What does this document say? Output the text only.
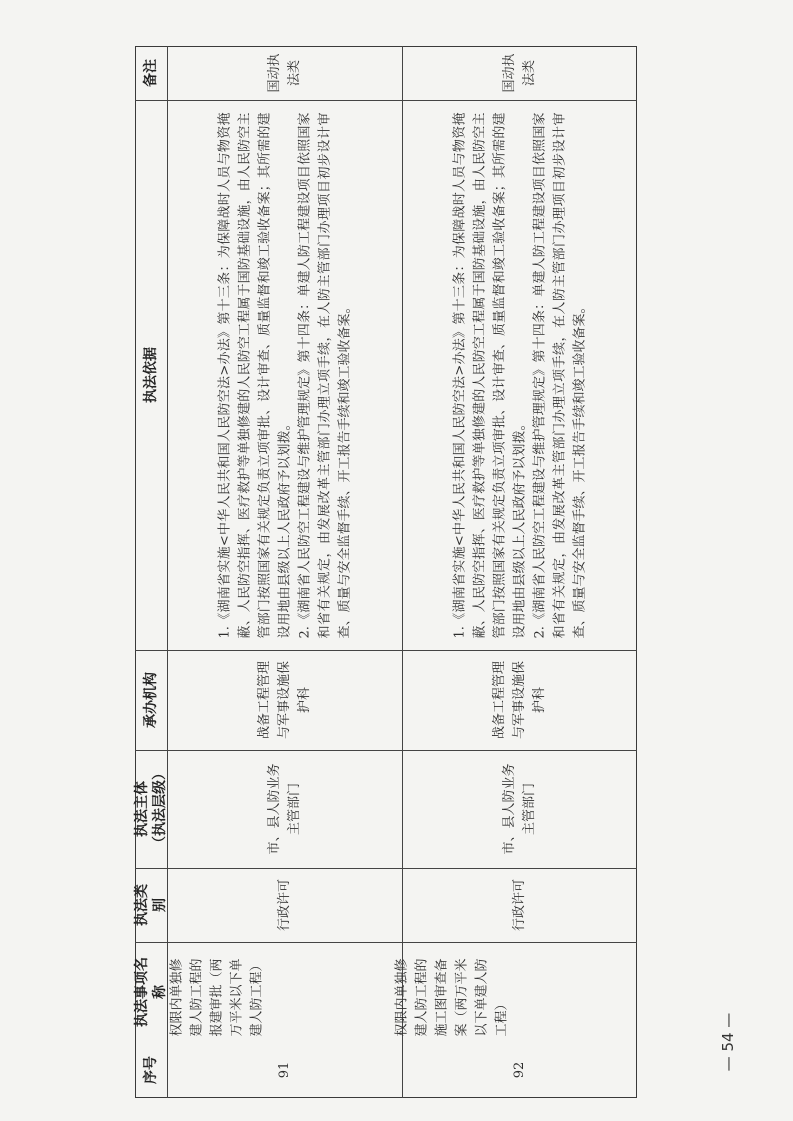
序号
执法事项名称
执法类别
执法主体（执法层级）
承办机构
执法依据
备注
91
权限内单独修建人防工程的报建审批（两万平米以下单建人防工程）
行政许可
市、县人防业务主管部门
战备工程管理与军事设施保护科
1.《湖南省实施<中华人民共和国人民防空法>办法》第十三条：为保障战时人员与物资掩蔽、人民防空指挥、医疗救护等单独修建的人民防空工程属于国防基础设施，由人民防空主管部门按照国家有关规定负责立项审批、设计审查、质量监督和竣工验收备案；其所需的建设用地由县级以上人民政府予以划拨。 2.《湖南省人民防空工程建设与维护管理规定》第十四条：单建人防工程建设项目依照国家和省有关规定，由发展改革主管部门办理立项手续，在人防主管部门办理项目初步设计审查、质量与安全监督手续、开工报告手续和竣工验收备案。
国动执法类
92
权限内单独修建人防工程的施工图审查备案（两万平米以下单建人防工程）
行政许可
市、县人防业务主管部门
战备工程管理与军事设施保护科
1.《湖南省实施<中华人民共和国人民防空法>办法》第十三条：为保障战时人员与物资掩蔽、人民防空指挥、医疗救护等单独修建的人民防空工程属于国防基础设施，由人民防空主管部门按照国家有关规定负责立项审批、设计审查、质量监督和竣工验收备案；其所需的建设用地由县级以上人民政府予以划拨。 2.《湖南省人民防空工程建设与维护管理规定》第十四条：单建人防工程建设项目依照国家和省有关规定，由发展改革主管部门办理立项手续，在人防主管部门办理项目初步设计审查、质量与安全监督手续、开工报告手续和竣工验收备案。
国动执法类
— 54 —
